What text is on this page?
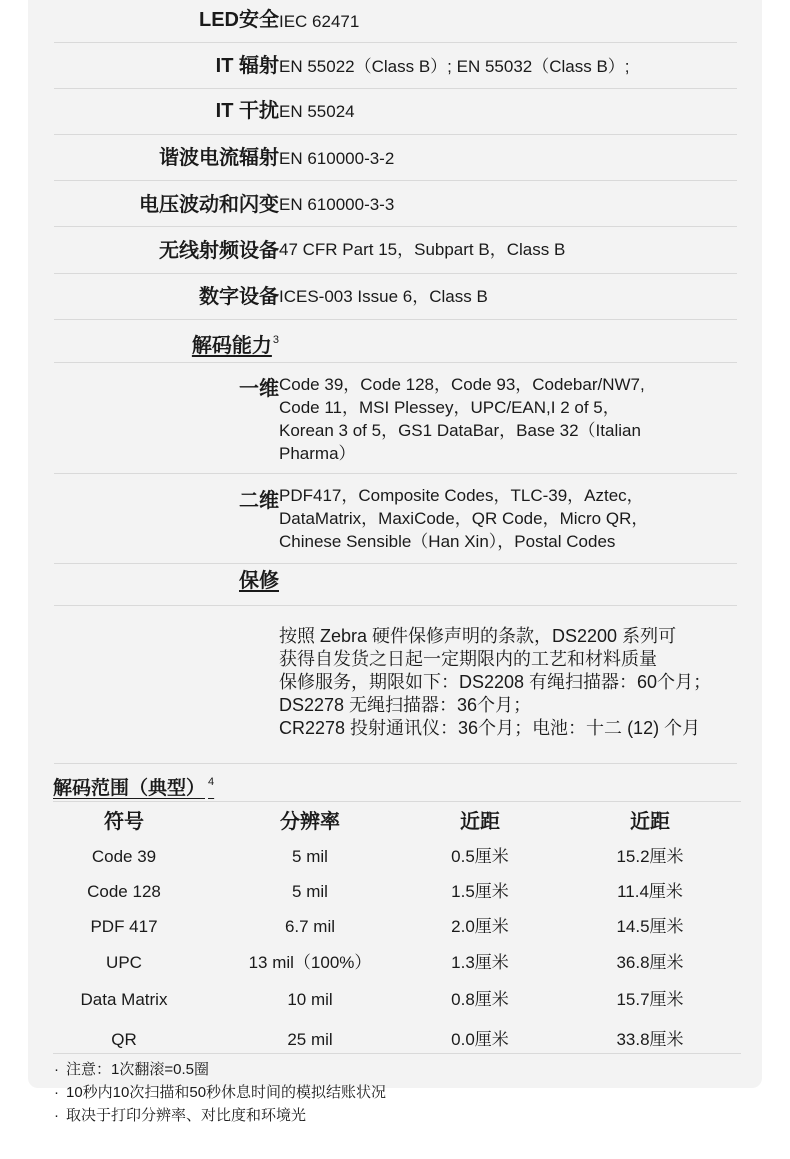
LED安全 IEC 62471
IT 辐射 EN 55022（Class B）; EN 55032（Class B）;
IT 干扰 EN 55024
谐波电流辐射 EN 610000-3-2
电压波动和闪变 EN 610000-3-3
无线射频设备 47 CFR Part 15，Subpart B，Class B
数字设备 ICES-003 Issue 6，Class B
解码能力$^3$
一维 Code 39，Code 128，Code 93，Codebar/NW7,
Code 11，MSI Plessey，UPC/EAN,I 2 of 5，
Korean 3 of 5，GS1 DataBar，Base 32（Italian
Pharma）
二维 PDF417，Composite Codes，TLC-39，Aztec，
DataMatrix，MaxiCode，QR Code，Micro QR，
Chinese Sensible（Han Xin），Postal Codes
保修
按照 Zebra 硬件保修声明的条款，DS2200 系列可
获得自发货之日起一定期限内的工艺和材料质量
保修服务，期限如下：DS2208 有绳扫描器：60个月；
DS2278 无绳扫描器：36个月；
CR2278 投射通讯仪：36个月；电池：十二 (12) 个月
解码范围（典型） $^4$
符号	分辨率	近距	近距
Code 39	5 mil	0.5厘米	15.2厘米
Code 128	5 mil	1.5厘米	11.4厘米
PDF 417	6.7 mil	2.0厘米	14.5厘米
UPC	13 mil（100%）	1.3厘米	36.8厘米
Data Matrix	10 mil	0.8厘米	15.7厘米
QR	25 mil	0.0厘米	33.8厘米
· 注意：1次翻滚=0.5圈
· 10秒内10次扫描和50秒休息时间的模拟结账状况
· 取决于打印分辨率、对比度和环境光
